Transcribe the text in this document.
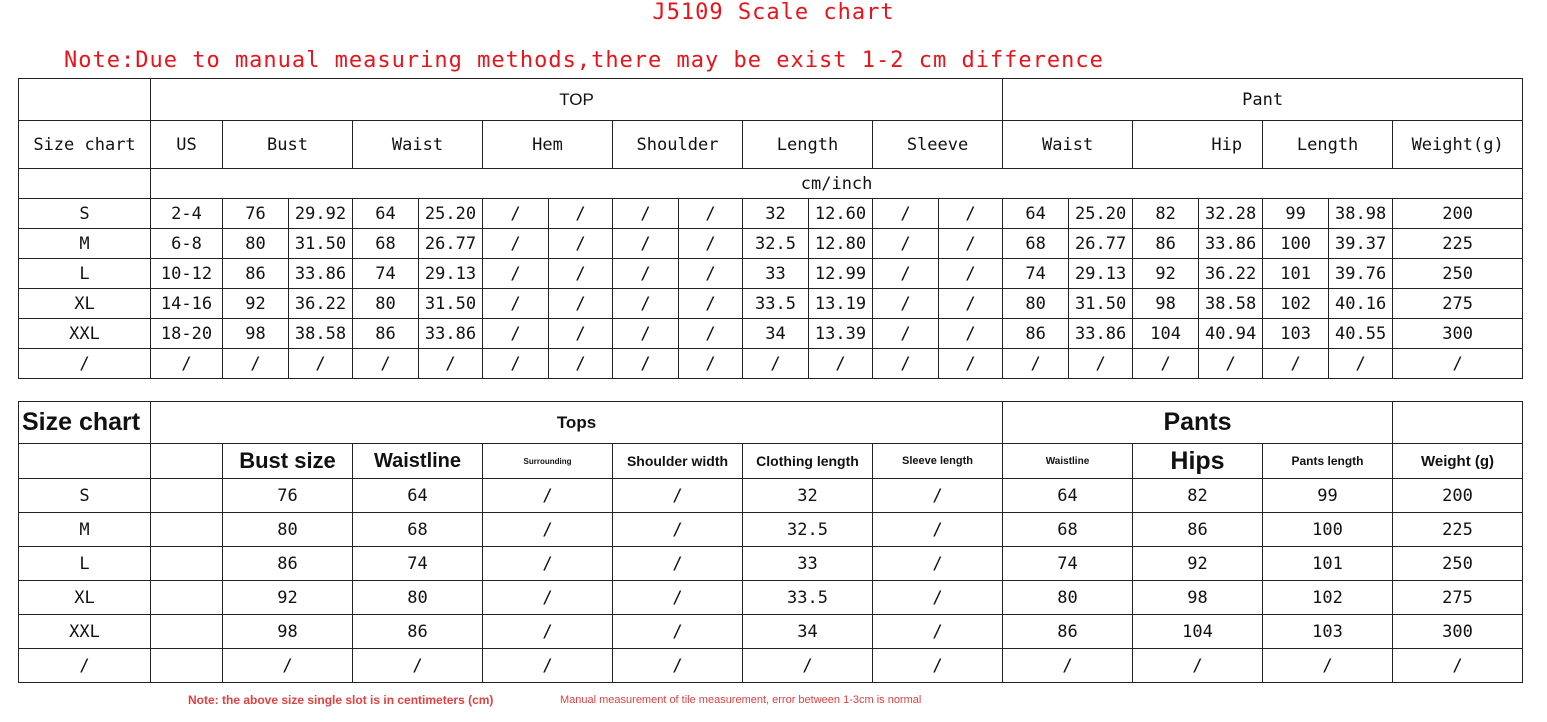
J5109 Scale chart
Note:Due to manual measuring methods,there may be exist 1-2 cm difference
	TOP													Pant						
Size chart	US	Bust		Waist		Hem		Shoulder		Length		Sleeve		Waist		Hip		Length		Weight(g)
	cm/inch																			
S	2-4	76	29.92	64	25.20	/	/	/	/	32	12.60	/	/	64	25.20	82	32.28	99	38.98	200
M	6-8	80	31.50	68	26.77	/	/	/	/	32.5	12.80	/	/	68	26.77	86	33.86	100	39.37	225
L	10-12	86	33.86	74	29.13	/	/	/	/	33	12.99	/	/	74	29.13	92	36.22	101	39.76	250
XL	14-16	92	36.22	80	31.50	/	/	/	/	33.5	13.19	/	/	80	31.50	98	38.58	102	40.16	275
XXL	18-20	98	38.58	86	33.86	/	/	/	/	34	13.39	/	/	86	33.86	104	40.94	103	40.55	300
/	/	/	/	/	/	/	/	/	/	/	/	/	/	/	/	/	/	/	/	/
Size chart	Tops							Pants			
		Bust size	Waistline	Surrounding	Shoulder width	Clothing length	Sleeve length	Waistline	Hips	Pants length	Weight (g)
S		76	64	/	/	32	/	64	82	99	200
M		80	68	/	/	32.5	/	68	86	100	225
L		86	74	/	/	33	/	74	92	101	250
XL		92	80	/	/	33.5	/	80	98	102	275
XXL		98	86	/	/	34	/	86	104	103	300
/		/	/	/	/	/	/	/	/	/	/
Note: the above size single slot is in centimeters (cm)	Manual measurement of tile measurement, error between 1-3cm is normal
